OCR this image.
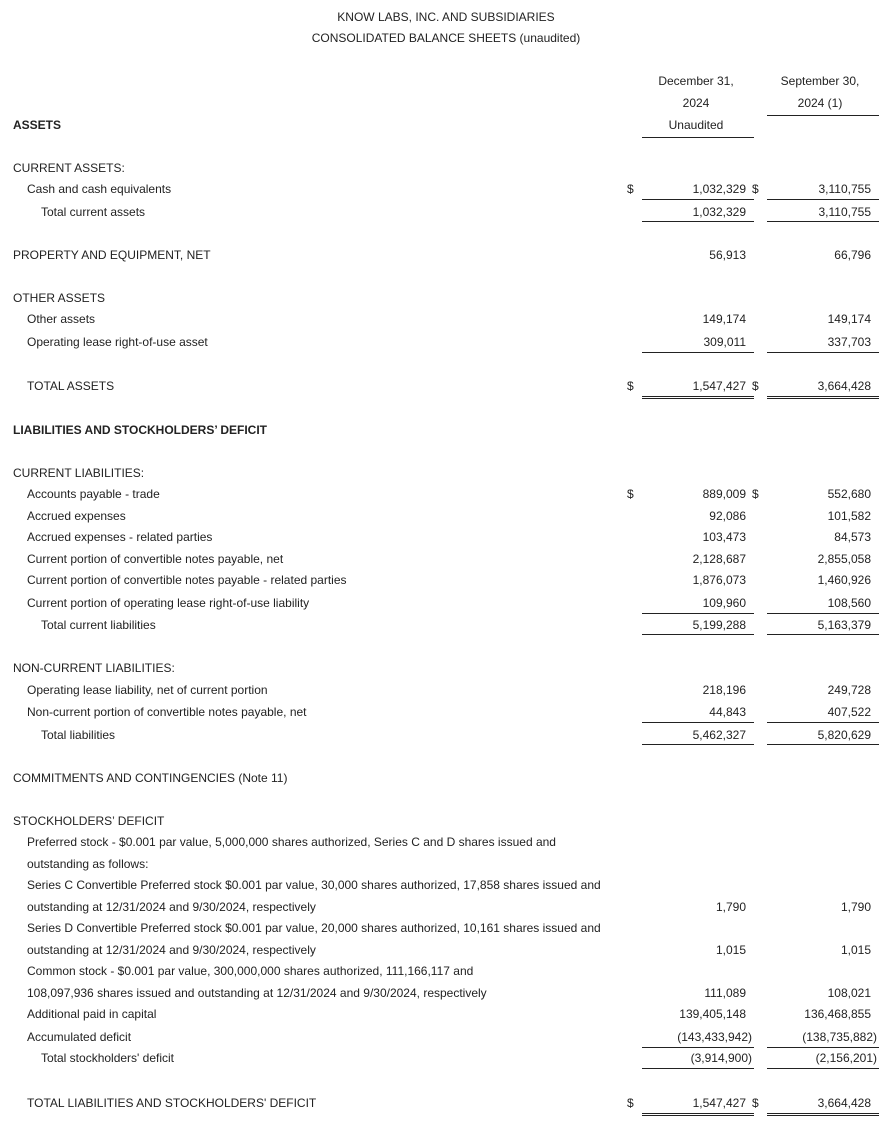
KNOW LABS, INC. AND SUBSIDIARIES
CONSOLIDATED BALANCE SHEETS (unaudited)
December 31,
2024
Unaudited
September 30,
2024 (1)
ASSETS
CURRENT ASSETS:
Cash and cash equivalents	$	1,032,329 $	3,110,755
Total current assets	1,032,329	3,110,755
PROPERTY AND EQUIPMENT, NET	56,913	66,796
OTHER ASSETS
Other assets	149,174	149,174
Operating lease right-of-use asset	309,011	337,703
TOTAL ASSETS	$	1,547,427 $	3,664,428
LIABILITIES AND STOCKHOLDERS’ DEFICIT
CURRENT LIABILITIES:
Accounts payable - trade	$	889,009 $	552,680
Accrued expenses	92,086	101,582
Accrued expenses - related parties	103,473	84,573
Current portion of convertible notes payable, net	2,128,687	2,855,058
Current portion of convertible notes payable - related parties	1,876,073	1,460,926
Current portion of operating lease right-of-use liability	109,960	108,560
Total current liabilities	5,199,288	5,163,379
NON-CURRENT LIABILITIES:
Operating lease liability, net of current portion	218,196	249,728
Non-current portion of convertible notes payable, net	44,843	407,522
Total liabilities	5,462,327	5,820,629
COMMITMENTS AND CONTINGENCIES (Note 11)
STOCKHOLDERS’ DEFICIT
Preferred stock - $0.001 par value, 5,000,000 shares authorized, Series C and D shares issued and
outstanding as follows:
Series C Convertible Preferred stock $0.001 par value, 30,000 shares authorized, 17,858 shares issued and
outstanding at 12/31/2024 and 9/30/2024, respectively	1,790	1,790
Series D Convertible Preferred stock $0.001 par value, 20,000 shares authorized, 10,161 shares issued and
outstanding at 12/31/2024 and 9/30/2024, respectively	1,015	1,015
Common stock - $0.001 par value, 300,000,000 shares authorized, 111,166,117 and
108,097,936 shares issued and outstanding at 12/31/2024 and 9/30/2024, respectively	111,089	108,021
Additional paid in capital	139,405,148	136,468,855
Accumulated deficit	(143,433,942)	(138,735,882)
Total stockholders' deficit	(3,914,900)	(2,156,201)
TOTAL LIABILITIES AND STOCKHOLDERS' DEFICIT	$	1,547,427 $	3,664,428
